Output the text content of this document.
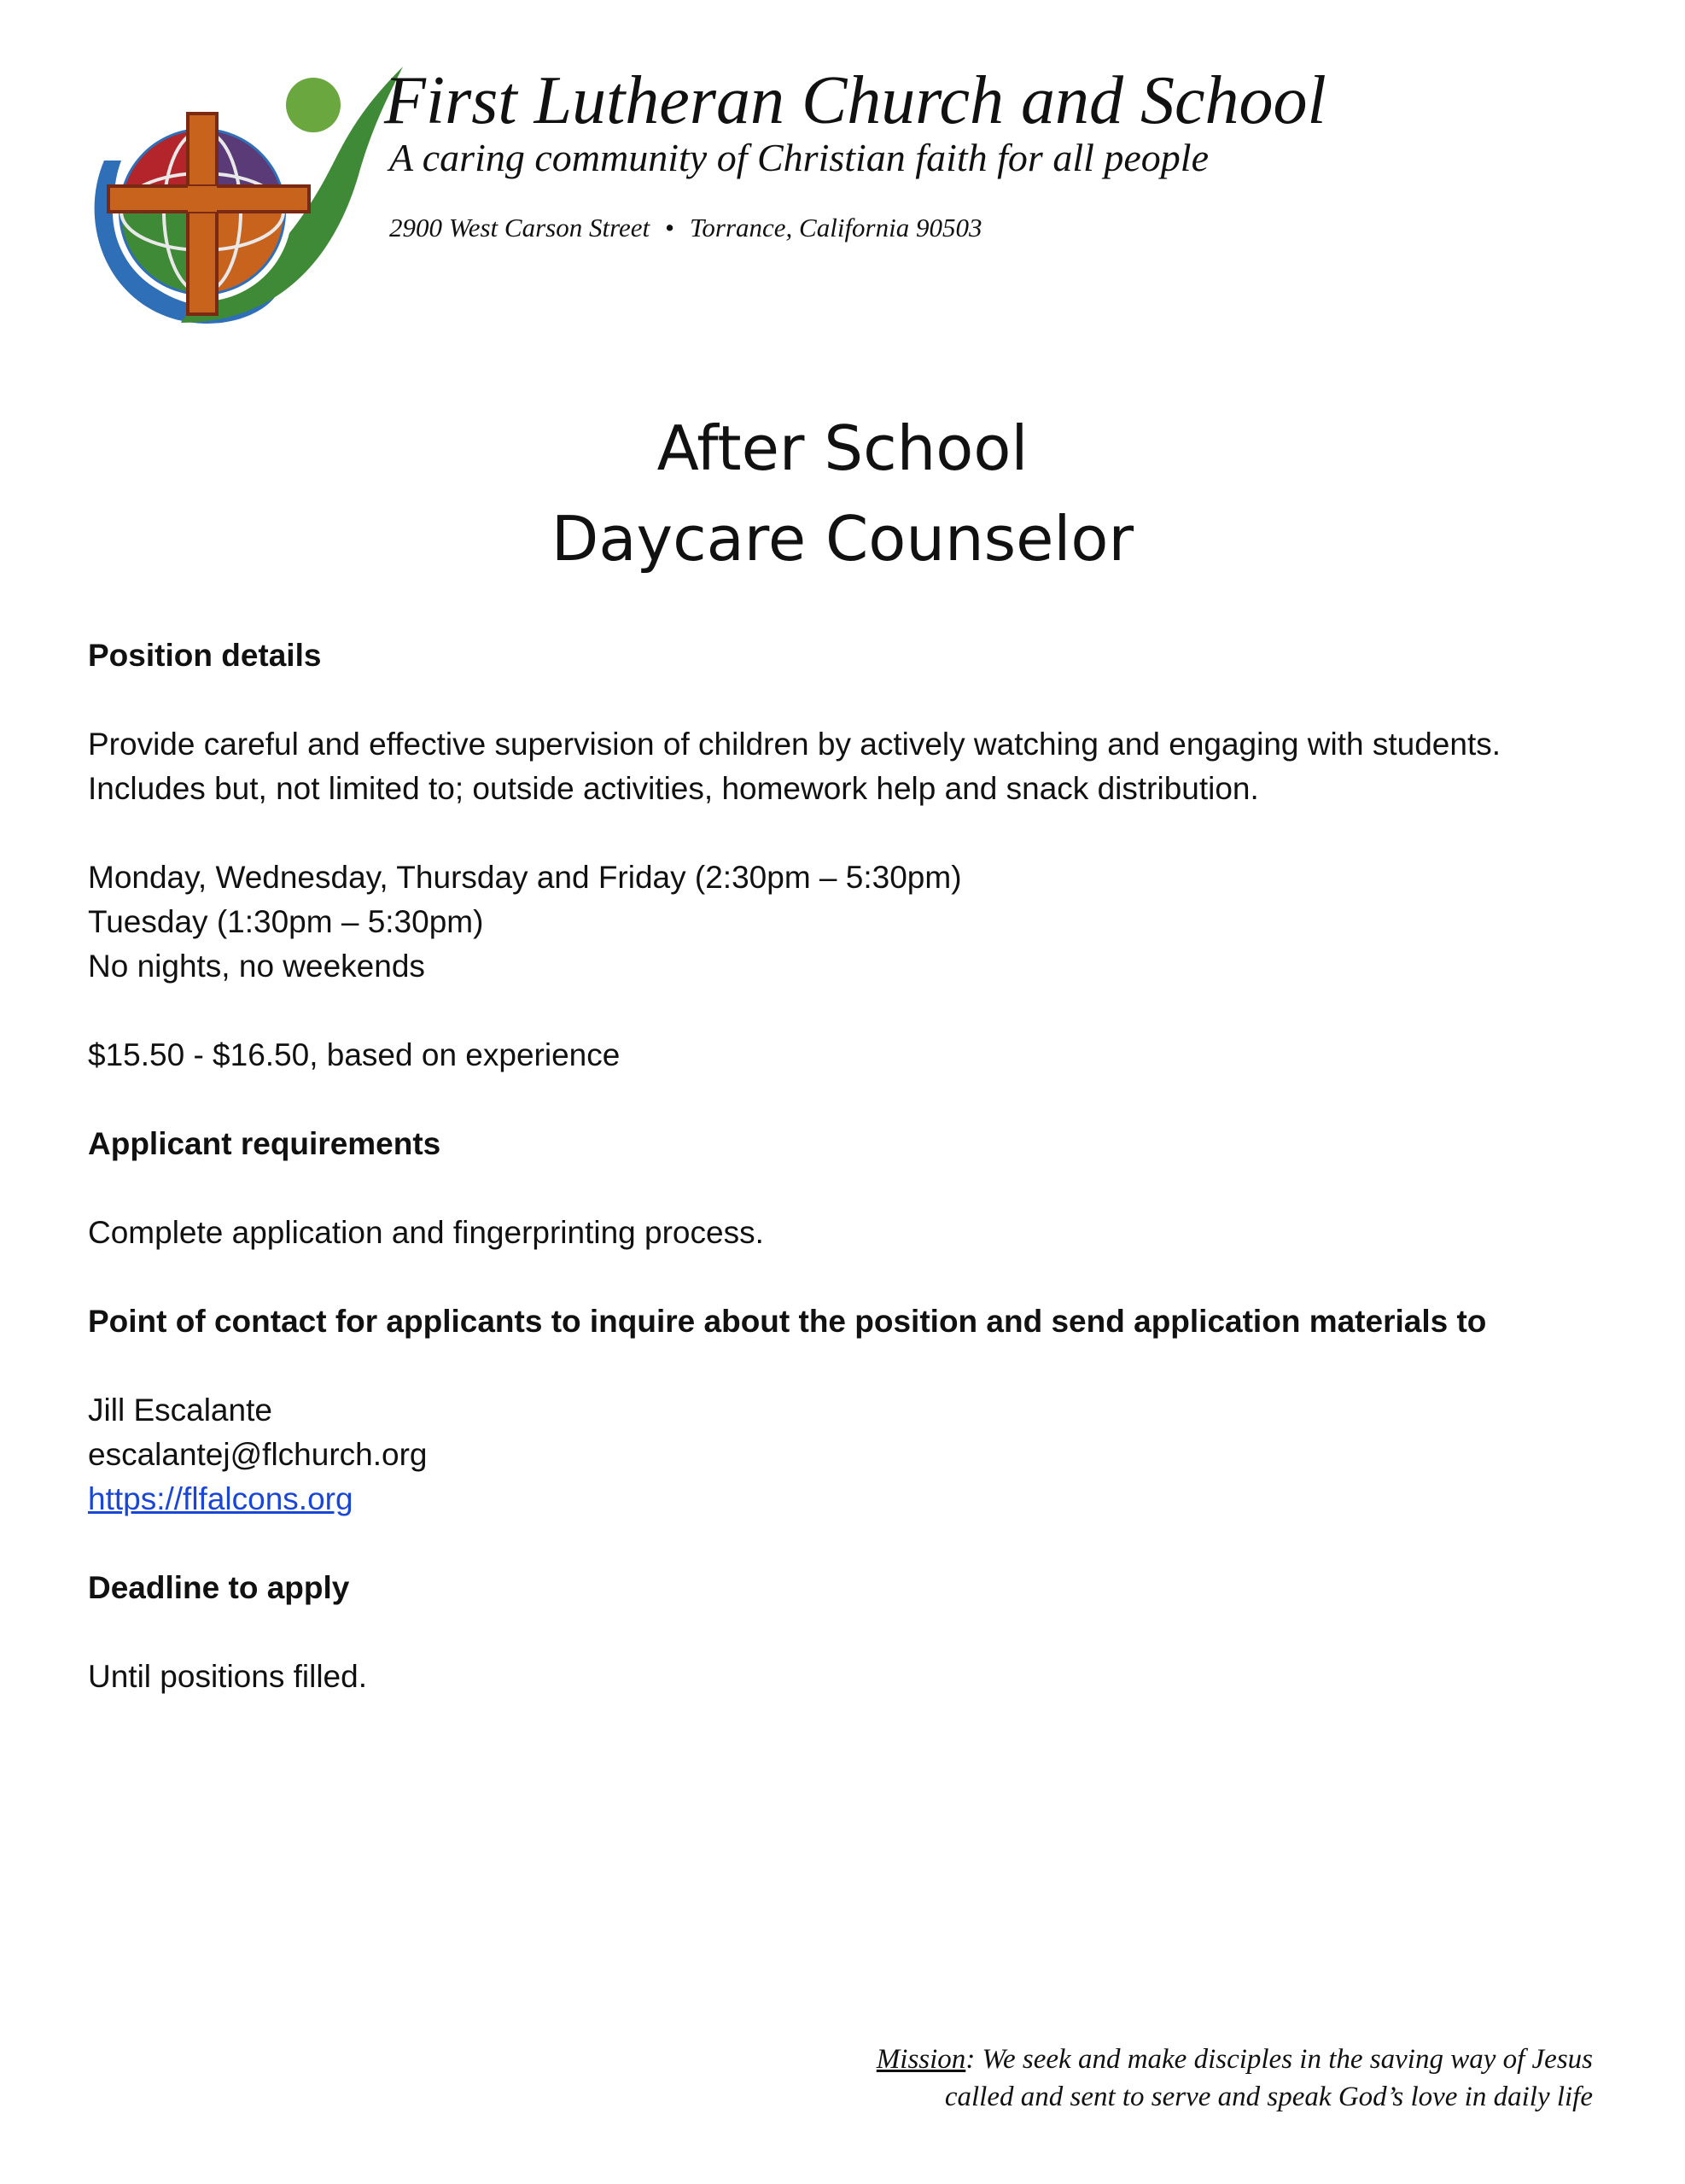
First Lutheran Church and School
A caring community of Christian faith for all people
2900 West Carson Street • Torrance, California 90503
After School
Daycare Counselor

Position details

Provide careful and effective supervision of children by actively watching and engaging with students.
Includes but, not limited to; outside activities, homework help and snack distribution.

Monday, Wednesday, Thursday and Friday (2:30pm – 5:30pm)
Tuesday (1:30pm – 5:30pm)
No nights, no weekends

$15.50 - $16.50, based on experience

Applicant requirements

Complete application and fingerprinting process.

Point of contact for applicants to inquire about the position and send application materials to

Jill Escalante
escalantej@flchurch.org
https://flfalcons.org

Deadline to apply

Until positions filled.

Mission: We seek and make disciples in the saving way of Jesus
called and sent to serve and speak God’s love in daily life
